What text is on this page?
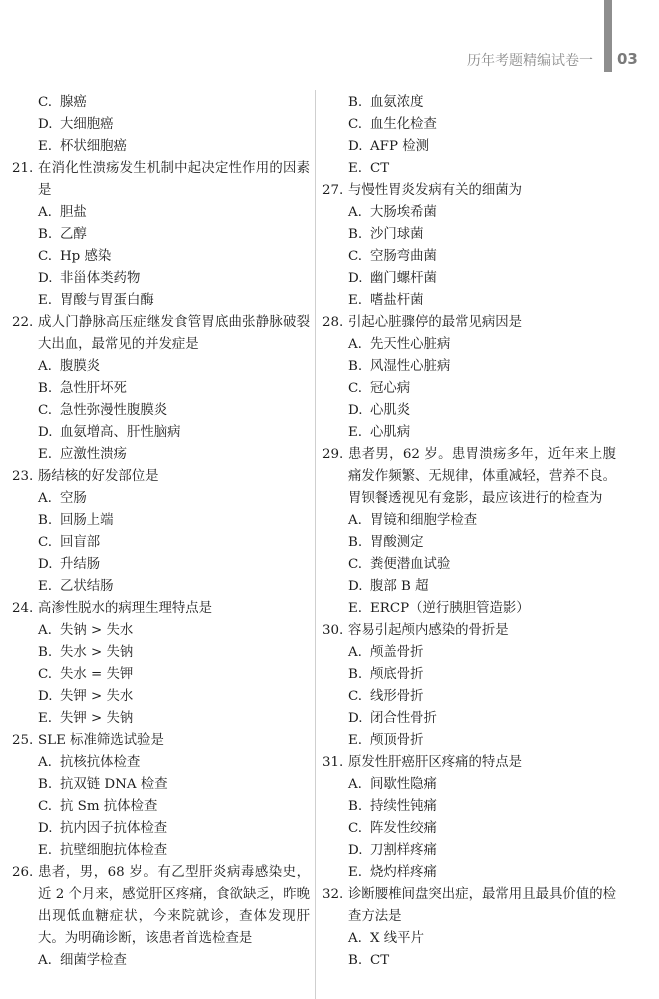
历年考题精编试卷一 03
C. 腺癌
D. 大细胞癌
E. 杯状细胞癌
21. 在消化性溃疡发生机制中起决定性作用的因素是
A. 胆盐
B. 乙醇
C. Hp 感染
D. 非甾体类药物
E. 胃酸与胃蛋白酶
22. 成人门静脉高压症继发食管胃底曲张静脉破裂大出血，最常见的并发症是
A. 腹膜炎
B. 急性肝坏死
C. 急性弥漫性腹膜炎
D. 血氨增高、肝性脑病
E. 应激性溃疡
23. 肠结核的好发部位是
A. 空肠
B. 回肠上端
C. 回盲部
D. 升结肠
E. 乙状结肠
24. 高渗性脱水的病理生理特点是
A. 失钠 > 失水
B. 失水 > 失钠
C. 失水 = 失钾
D. 失钾 > 失水
E. 失钾 > 失钠
25. SLE 标准筛选试验是
A. 抗核抗体检查
B. 抗双链 DNA 检查
C. 抗 Sm 抗体检查
D. 抗内因子抗体检查
E. 抗壁细胞抗体检查
26. 患者，男，68 岁。有乙型肝炎病毒感染史，近 2 个月来，感觉肝区疼痛，食欲缺乏，昨晚出现低血糖症状，今来院就诊，查体发现肝大。为明确诊断，该患者首选检查是
A. 细菌学检查
B. 血氨浓度
C. 血生化检查
D. AFP 检测
E. CT
27. 与慢性胃炎发病有关的细菌为
A. 大肠埃希菌
B. 沙门球菌
C. 空肠弯曲菌
D. 幽门螺杆菌
E. 嗜盐杆菌
28. 引起心脏骤停的最常见病因是
A. 先天性心脏病
B. 风湿性心脏病
C. 冠心病
D. 心肌炎
E. 心肌病
29. 患者男，62 岁。患胃溃疡多年，近年来上腹痛发作频繁、无规律，体重减轻，营养不良。胃钡餐透视见有龛影，最应该进行的检查为
A. 胃镜和细胞学检查
B. 胃酸测定
C. 粪便潜血试验
D. 腹部 B 超
E. ERCP（逆行胰胆管造影）
30. 容易引起颅内感染的骨折是
A. 颅盖骨折
B. 颅底骨折
C. 线形骨折
D. 闭合性骨折
E. 颅顶骨折
31. 原发性肝癌肝区疼痛的特点是
A. 间歇性隐痛
B. 持续性钝痛
C. 阵发性绞痛
D. 刀割样疼痛
E. 烧灼样疼痛
32. 诊断腰椎间盘突出症，最常用且最具价值的检查方法是
A. X 线平片
B. CT
